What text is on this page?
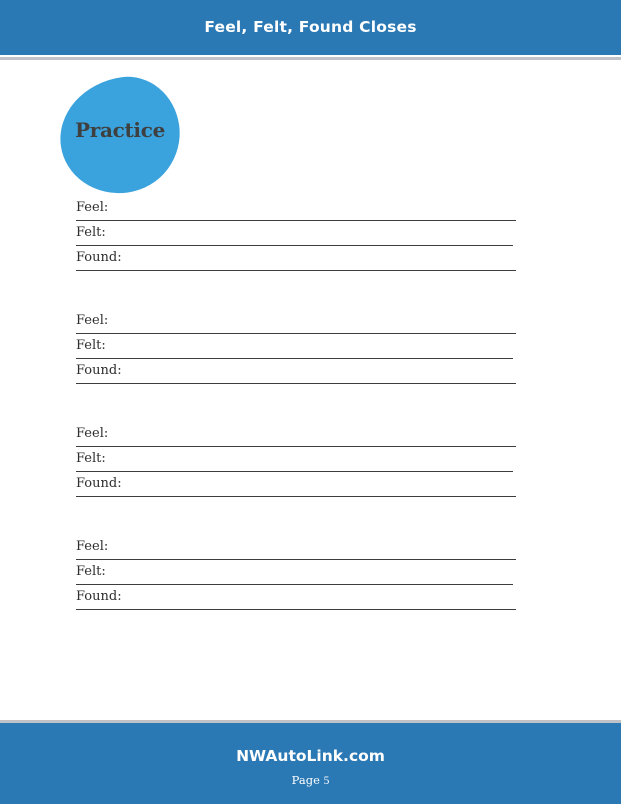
Feel, Felt, Found Closes
Practice
Feel:
Felt:
Found:
Feel:
Felt:
Found:
Feel:
Felt:
Found:
Feel:
Felt:
Found:
NWAutoLink.com
Page 5
